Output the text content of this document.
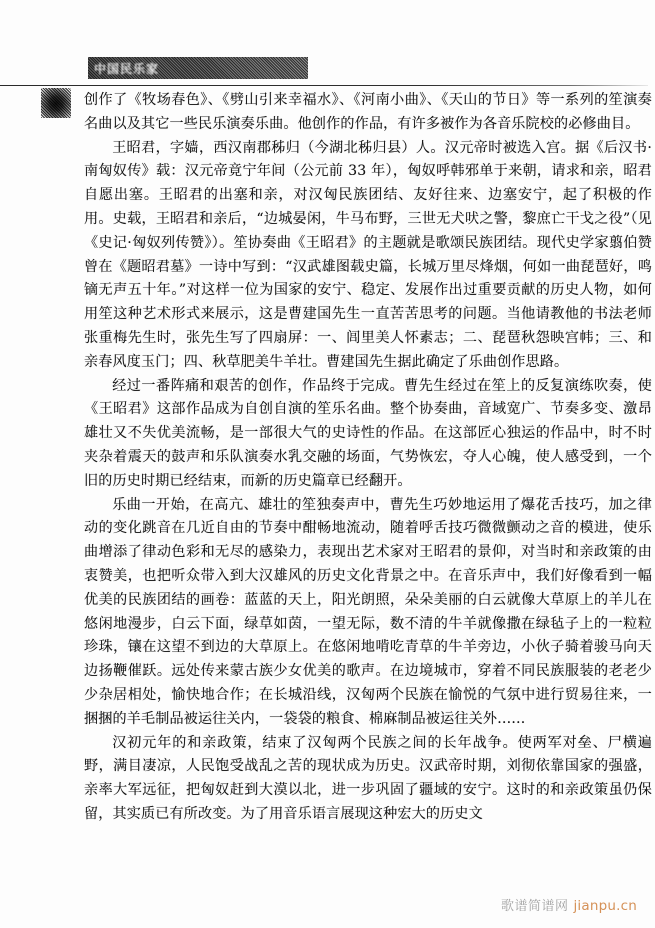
中国民乐家

创作了《牧场春色》、《劈山引来幸福水》、《河南小曲》、《天山的节日》等一系列的笙演奏名曲以及其它一些民乐演奏乐曲。他创作的作品，有许多被作为各音乐院校的必修曲目。

王昭君，字嫱，西汉南郡秭归（今湖北秭归县）人。汉元帝时被选入宫。据《后汉书·南匈奴传》载：汉元帝竟宁年间（公元前 33 年），匈奴呼韩邪单于来朝，请求和亲，昭君自愿出塞。王昭君的出塞和亲，对汉匈民族团结、友好往来、边塞安宁，起了积极的作用。史载，王昭君和亲后，“边城晏闲，牛马布野，三世无犬吠之警，黎庶亡干戈之役”（见《史记·匈奴列传赞》）。笙协奏曲《王昭君》的主题就是歌颂民族团结。现代史学家翦伯赞曾在《题昭君墓》一诗中写到：“汉武雄图载史篇，长城万里尽烽烟，何如一曲琵琶好，鸣镝无声五十年。”对这样一位为国家的安宁、稳定、发展作出过重要贡献的历史人物，如何用笙这种艺术形式来展示，这是曹建国先生一直苦苦思考的问题。当他请教他的书法老师张重梅先生时，张先生写了四扇屏：一、闾里美人怀素志；二、琵琶秋怨映宫帏；三、和亲春风度玉门；四、秋草肥美牛羊壮。曹建国先生据此确定了乐曲创作思路。

经过一番阵痛和艰苦的创作，作品终于完成。曹先生经过在笙上的反复演练吹奏，使《王昭君》这部作品成为自创自演的笙乐名曲。整个协奏曲，音域宽广、节奏多变、激昂雄壮又不失优美流畅，是一部很大气的史诗性的作品。在这部匠心独运的作品中，时不时夹杂着震天的鼓声和乐队演奏水乳交融的场面，气势恢宏，夺人心魄，使人感受到，一个旧的历史时期已经结束，而新的历史篇章已经翻开。

乐曲一开始，在高亢、雄壮的笙独奏声中，曹先生巧妙地运用了爆花舌技巧，加之律动的变化跳音在几近自由的节奏中酣畅地流动，随着呼舌技巧微微颤动之音的模进，使乐曲增添了律动色彩和无尽的感染力，表现出艺术家对王昭君的景仰，对当时和亲政策的由衷赞美，也把听众带入到大汉雄风的历史文化背景之中。在音乐声中，我们好像看到一幅优美的民族团结的画卷：蓝蓝的天上，阳光朗照，朵朵美丽的白云就像大草原上的羊儿在悠闲地漫步，白云下面，绿草如茵，一望无际，数不清的牛羊就像撒在绿毡子上的一粒粒珍珠，镶在这望不到边的大草原上。在悠闲地啃吃青草的牛羊旁边，小伙子骑着骏马向天边扬鞭催跃。远处传来蒙古族少女优美的歌声。在边境城市，穿着不同民族服装的老老少少杂居相处，愉快地合作；在长城沿线，汉匈两个民族在愉悦的气氛中进行贸易往来，一捆捆的羊毛制品被运往关内，一袋袋的粮食、棉麻制品被运往关外……

汉初元年的和亲政策，结束了汉匈两个民族之间的长年战争。使两军对垒、尸横遍野，满目凄凉，人民饱受战乱之苦的现状成为历史。汉武帝时期，刘彻依靠国家的强盛，亲率大军远征，把匈奴赶到大漠以北，进一步巩固了疆域的安宁。这时的和亲政策虽仍保留，其实质已有所改变。为了用音乐语言展现这种宏大的历史文

歌谱简谱网 jianpu.cn
